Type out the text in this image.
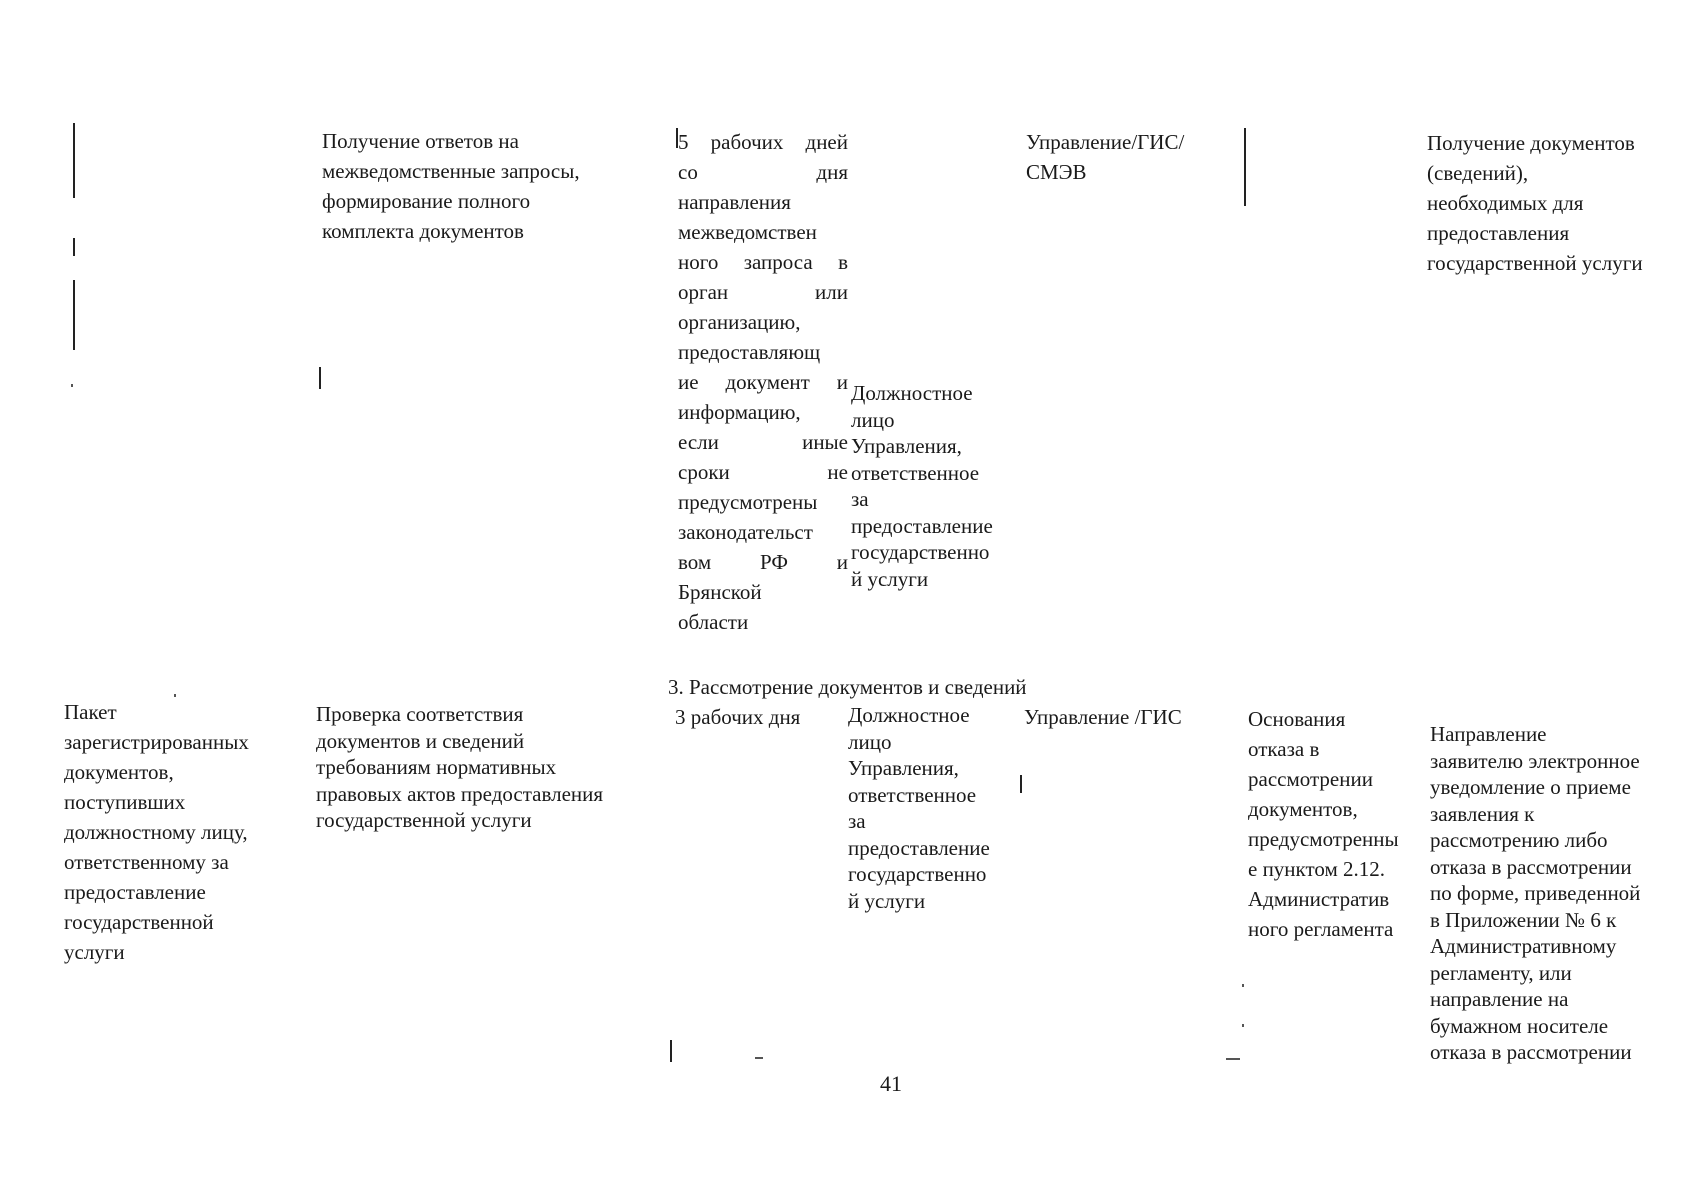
Получение ответов на
межведомственные запросы,
формирование полного
комплекта документов
5 рабочих дней
со дня
направления
межведомствен
ного запроса в
орган или
организацию,
предоставляющ
ие документ и
информацию,
если иные
сроки не
предусмотрены
законодательст
вом РФ и
Брянской
области
Должностное
лицо
Управления,
ответственное
за
предоставление
государственно
й услуги
Управление/ГИС/
СМЭВ
Получение документов
(сведений),
необходимых для
предоставления
государственной услуги
3. Рассмотрение документов и сведений
Пакет
зарегистрированных
документов,
поступивших
должностному лицу,
ответственному за
предоставление
государственной
услуги
Проверка соответствия
документов и сведений
требованиям нормативных
правовых актов предоставления
государственной услуги
3 рабочих дня	Должностное
лицо
Управления,
ответственное
за
предоставление
государственно
й услуги
Управление /ГИС	Основания
отказа в
рассмотрении
документов,
предусмотренны
е пунктом 2.12.
Административ
ного регламента
Направление
заявителю электронное
уведомление о приеме
заявления к
рассмотрению либо
отказа в рассмотрении
по форме, приведенной
в Приложении № 6 к
Административному
регламенту, или
направление на
бумажном носителе
отказа в рассмотрении
41
